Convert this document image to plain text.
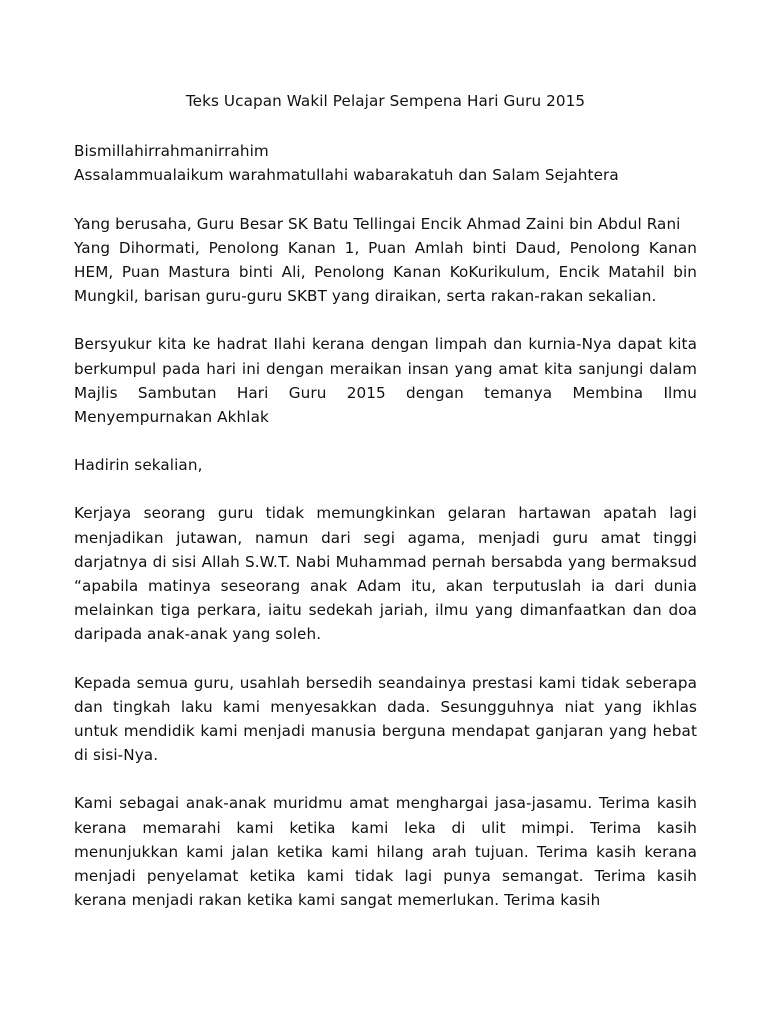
Teks Ucapan Wakil Pelajar Sempena Hari Guru 2015

Bismillahirrahmanirrahim

Assalammualaikum warahmatullahi wabarakatuh dan Salam Sejahtera

Yang berusaha, Guru Besar SK Batu Tellingai Encik Ahmad Zaini bin Abdul Rani

Yang Dihormati, Penolong Kanan 1, Puan Amlah binti Daud, Penolong Kanan HEM, Puan Mastura binti Ali, Penolong Kanan KoKurikulum, Encik Matahil bin Mungkil, barisan guru-guru SKBT yang diraikan, serta rakan-rakan sekalian.

Bersyukur kita ke hadrat Ilahi kerana dengan limpah dan kurnia-Nya dapat kita berkumpul pada hari ini dengan meraikan insan yang amat kita sanjungi dalam Majlis Sambutan Hari Guru 2015 dengan temanya Membina Ilmu Menyempurnakan Akhlak

Hadirin sekalian,

Kerjaya seorang guru tidak memungkinkan gelaran hartawan apatah lagi menjadikan jutawan, namun dari segi agama, menjadi guru amat tinggi darjatnya di sisi Allah S.W.T. Nabi Muhammad pernah bersabda yang bermaksud “apabila matinya seseorang anak Adam itu, akan terputuslah ia dari dunia melainkan tiga perkara, iaitu sedekah jariah, ilmu yang dimanfaatkan dan doa daripada anak-anak yang soleh.

Kepada semua guru, usahlah bersedih seandainya prestasi kami tidak seberapa dan tingkah laku kami menyesakkan dada. Sesungguhnya niat yang ikhlas untuk mendidik kami menjadi manusia berguna mendapat ganjaran yang hebat di sisi-Nya.

Kami sebagai anak-anak muridmu amat menghargai jasa-jasamu. Terima kasih kerana memarahi kami ketika kami leka di ulit mimpi. Terima kasih menunjukkan kami jalan ketika kami hilang arah tujuan. Terima kasih kerana menjadi penyelamat ketika kami tidak lagi punya semangat. Terima kasih kerana menjadi rakan ketika kami sangat memerlukan. Terima kasih
